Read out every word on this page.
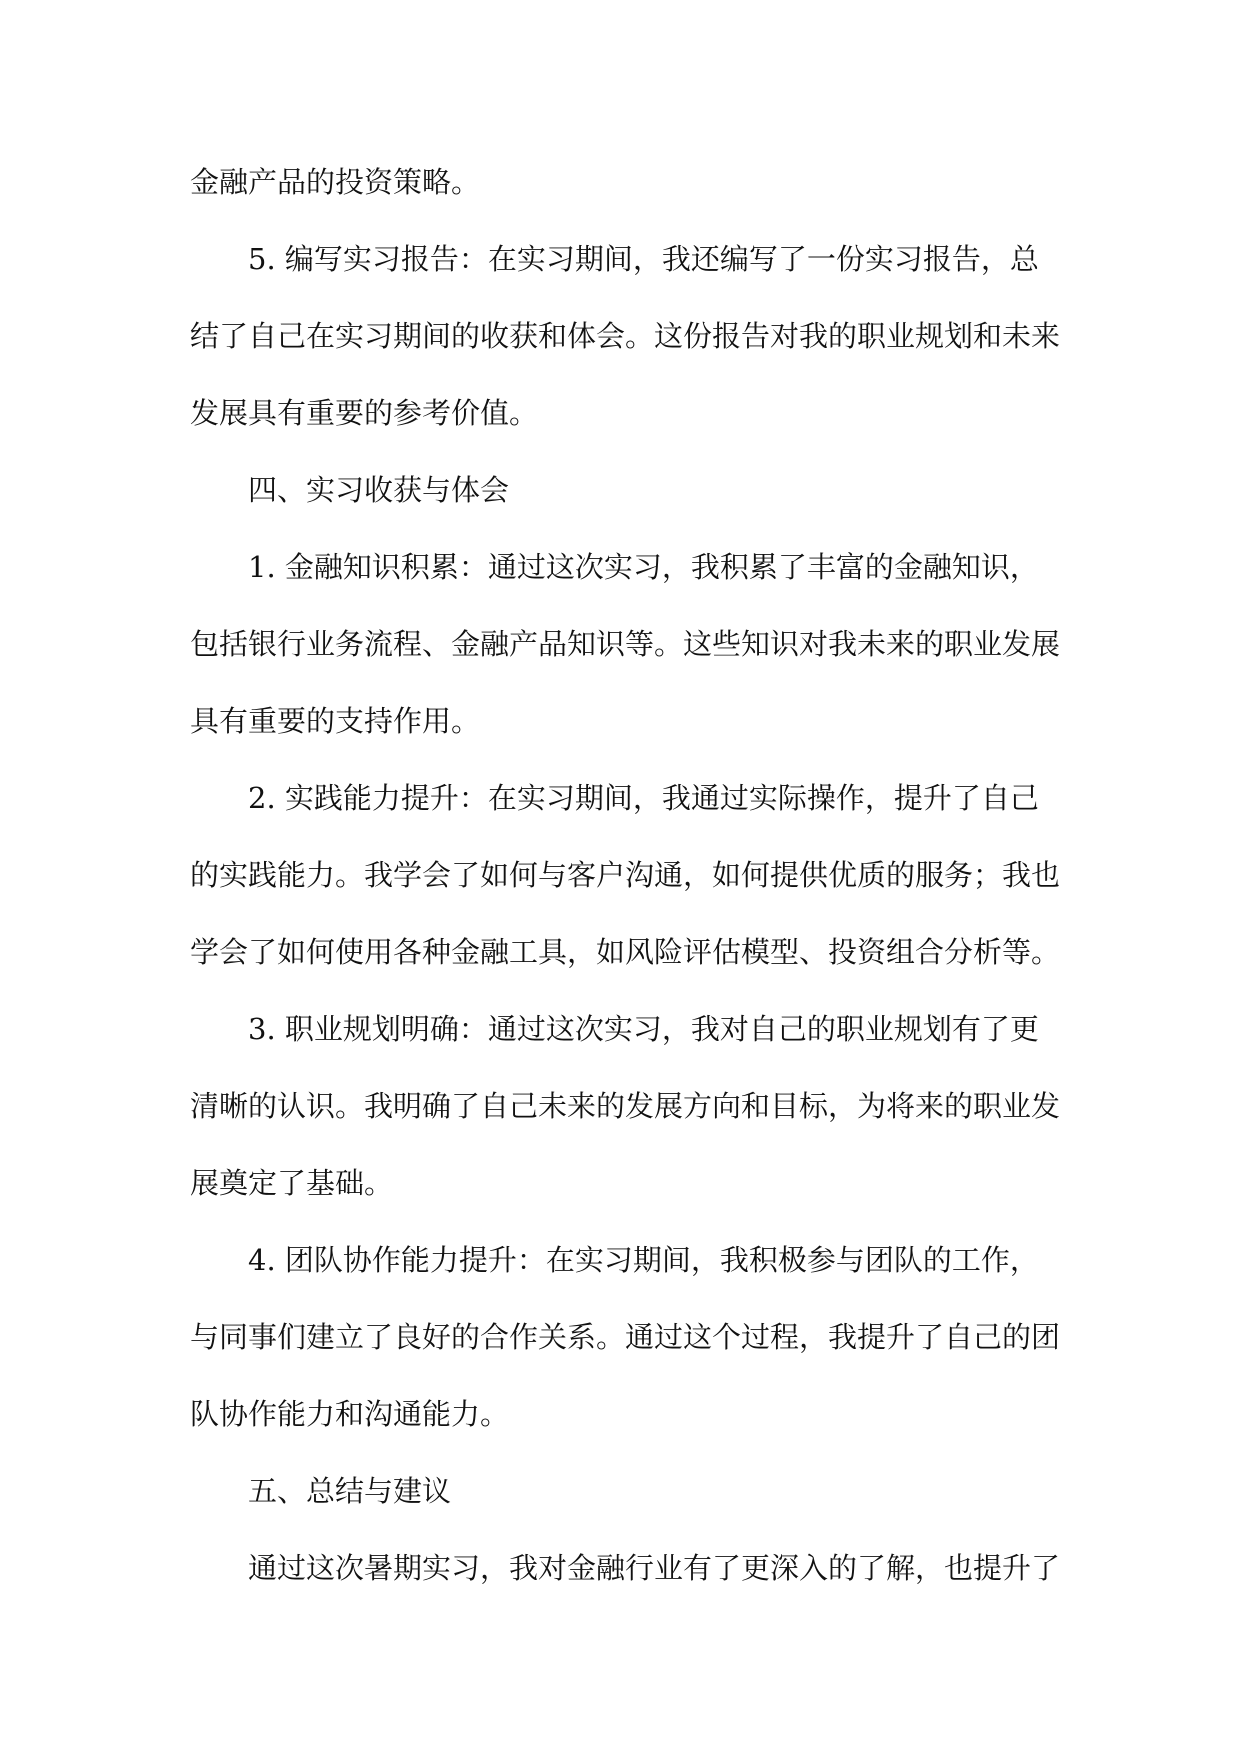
金融产品的投资策略。

5. 编写实习报告：在实习期间，我还编写了一份实习报告，总结了自己在实习期间的收获和体会。这份报告对我的职业规划和未来发展具有重要的参考价值。

四、实习收获与体会

1. 金融知识积累：通过这次实习，我积累了丰富的金融知识，包括银行业务流程、金融产品知识等。这些知识对我未来的职业发展具有重要的支持作用。

2. 实践能力提升：在实习期间，我通过实际操作，提升了自己的实践能力。我学会了如何与客户沟通，如何提供优质的服务；我也学会了如何使用各种金融工具，如风险评估模型、投资组合分析等。

3. 职业规划明确：通过这次实习，我对自己的职业规划有了更清晰的认识。我明确了自己未来的发展方向和目标，为将来的职业发展奠定了基础。

4. 团队协作能力提升：在实习期间，我积极参与团队的工作，与同事们建立了良好的合作关系。通过这个过程，我提升了自己的团队协作能力和沟通能力。

五、总结与建议

通过这次暑期实习，我对金融行业有了更深入的了解，也提升了
